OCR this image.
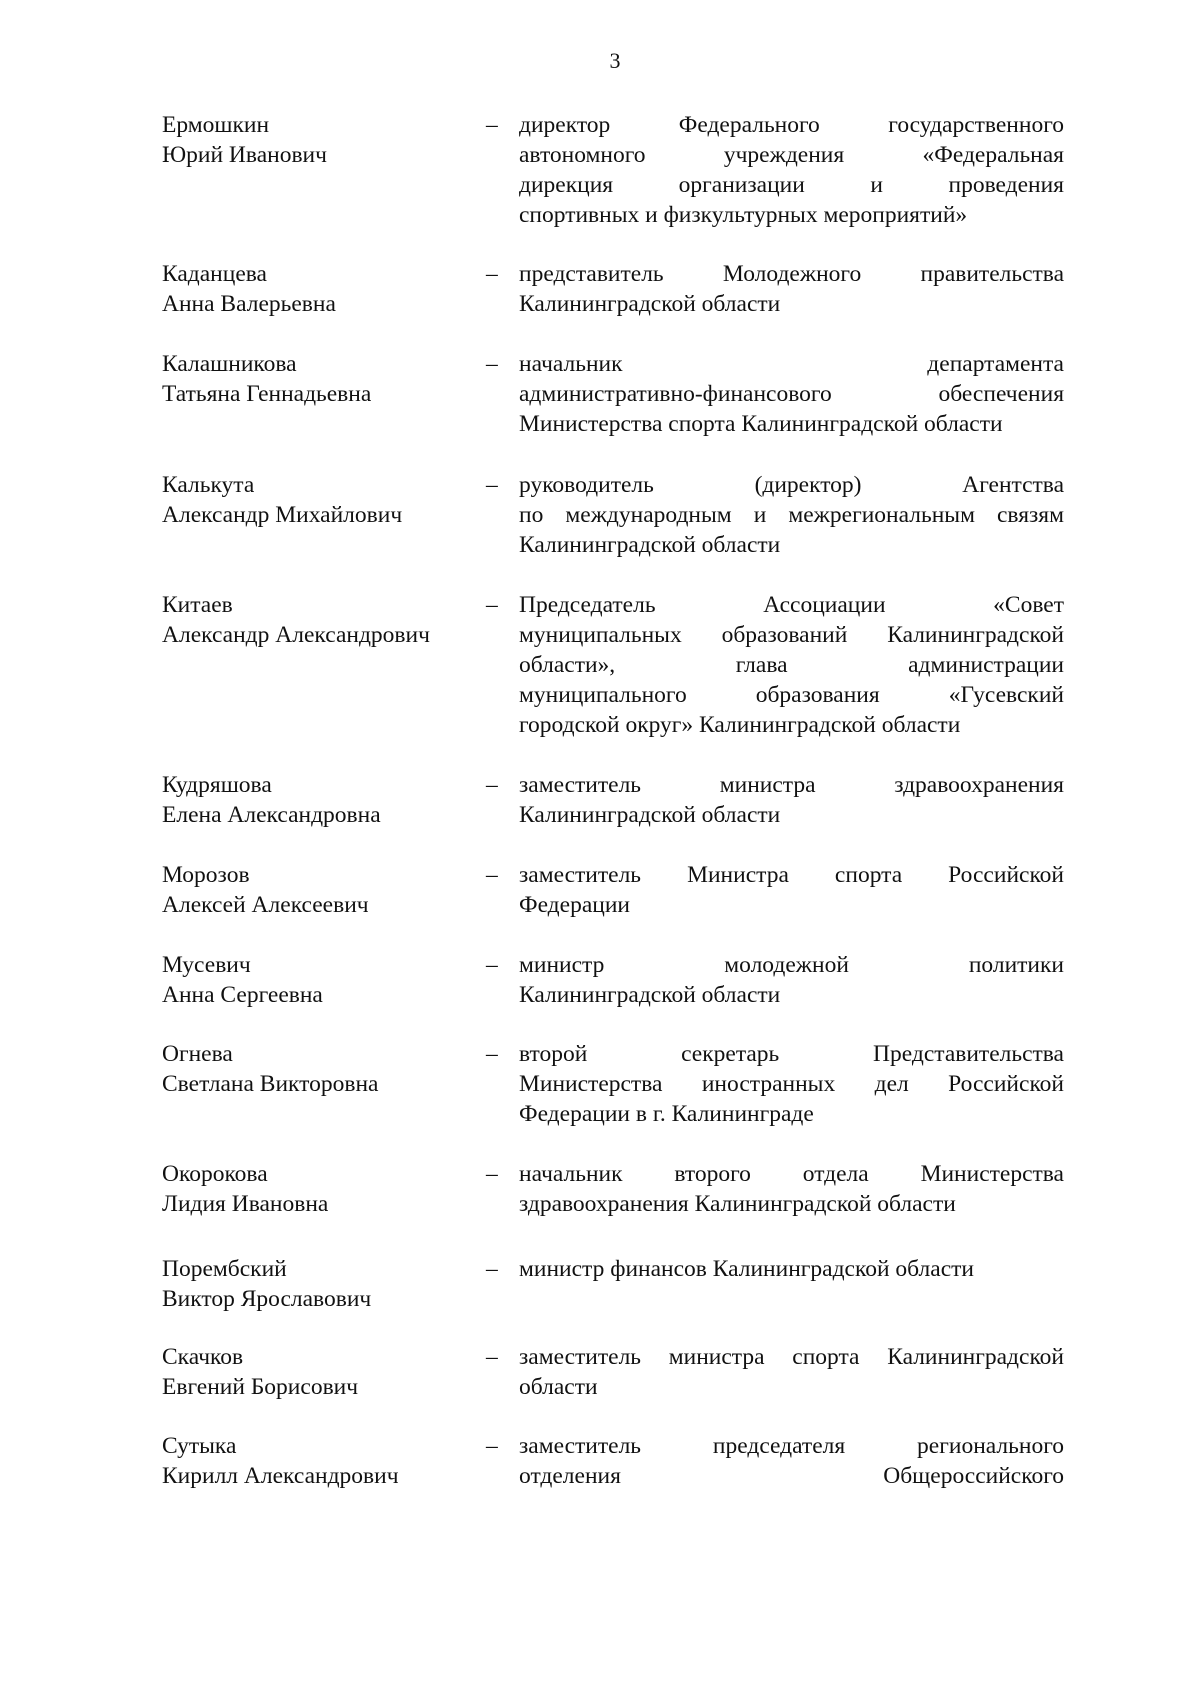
3
Ермошкин
Юрий Иванович
– директор Федерального государственного
автономного учреждения «Федеральная
дирекция организации и проведения
спортивных и физкультурных мероприятий»
Каданцева
Анна Валерьевна
– представитель Молодежного правительства
Калининградской области
Калашникова
Татьяна Геннадьевна
– начальник департамента
административно-финансового обеспечения
Министерства спорта Калининградской области
Калькута
Александр Михайлович
– руководитель (директор) Агентства
по международным и межрегиональным связям
Калининградской области
Китаев
Александр Александрович
– Председатель Ассоциации «Совет
муниципальных образований Калининградской
области», глава администрации
муниципального образования «Гусевский
городской округ» Калининградской области
Кудряшова
Елена Александровна
– заместитель министра здравоохранения
Калининградской области
Морозов
Алексей Алексеевич
– заместитель Министра спорта Российской
Федерации
Мусевич
Анна Сергеевна
– министр молодежной политики
Калининградской области
Огнева
Светлана Викторовна
– второй секретарь Представительства
Министерства иностранных дел Российской
Федерации в г. Калининграде
Окорокова
Лидия Ивановна
– начальник второго отдела Министерства
здравоохранения Калининградской области
Порембский
Виктор Ярославович
– министр финансов Калининградской области
Скачков
Евгений Борисович
– заместитель министра спорта Калининградской
области
Сутыка
Кирилл Александрович
– заместитель председателя регионального
отделения Общероссийского
